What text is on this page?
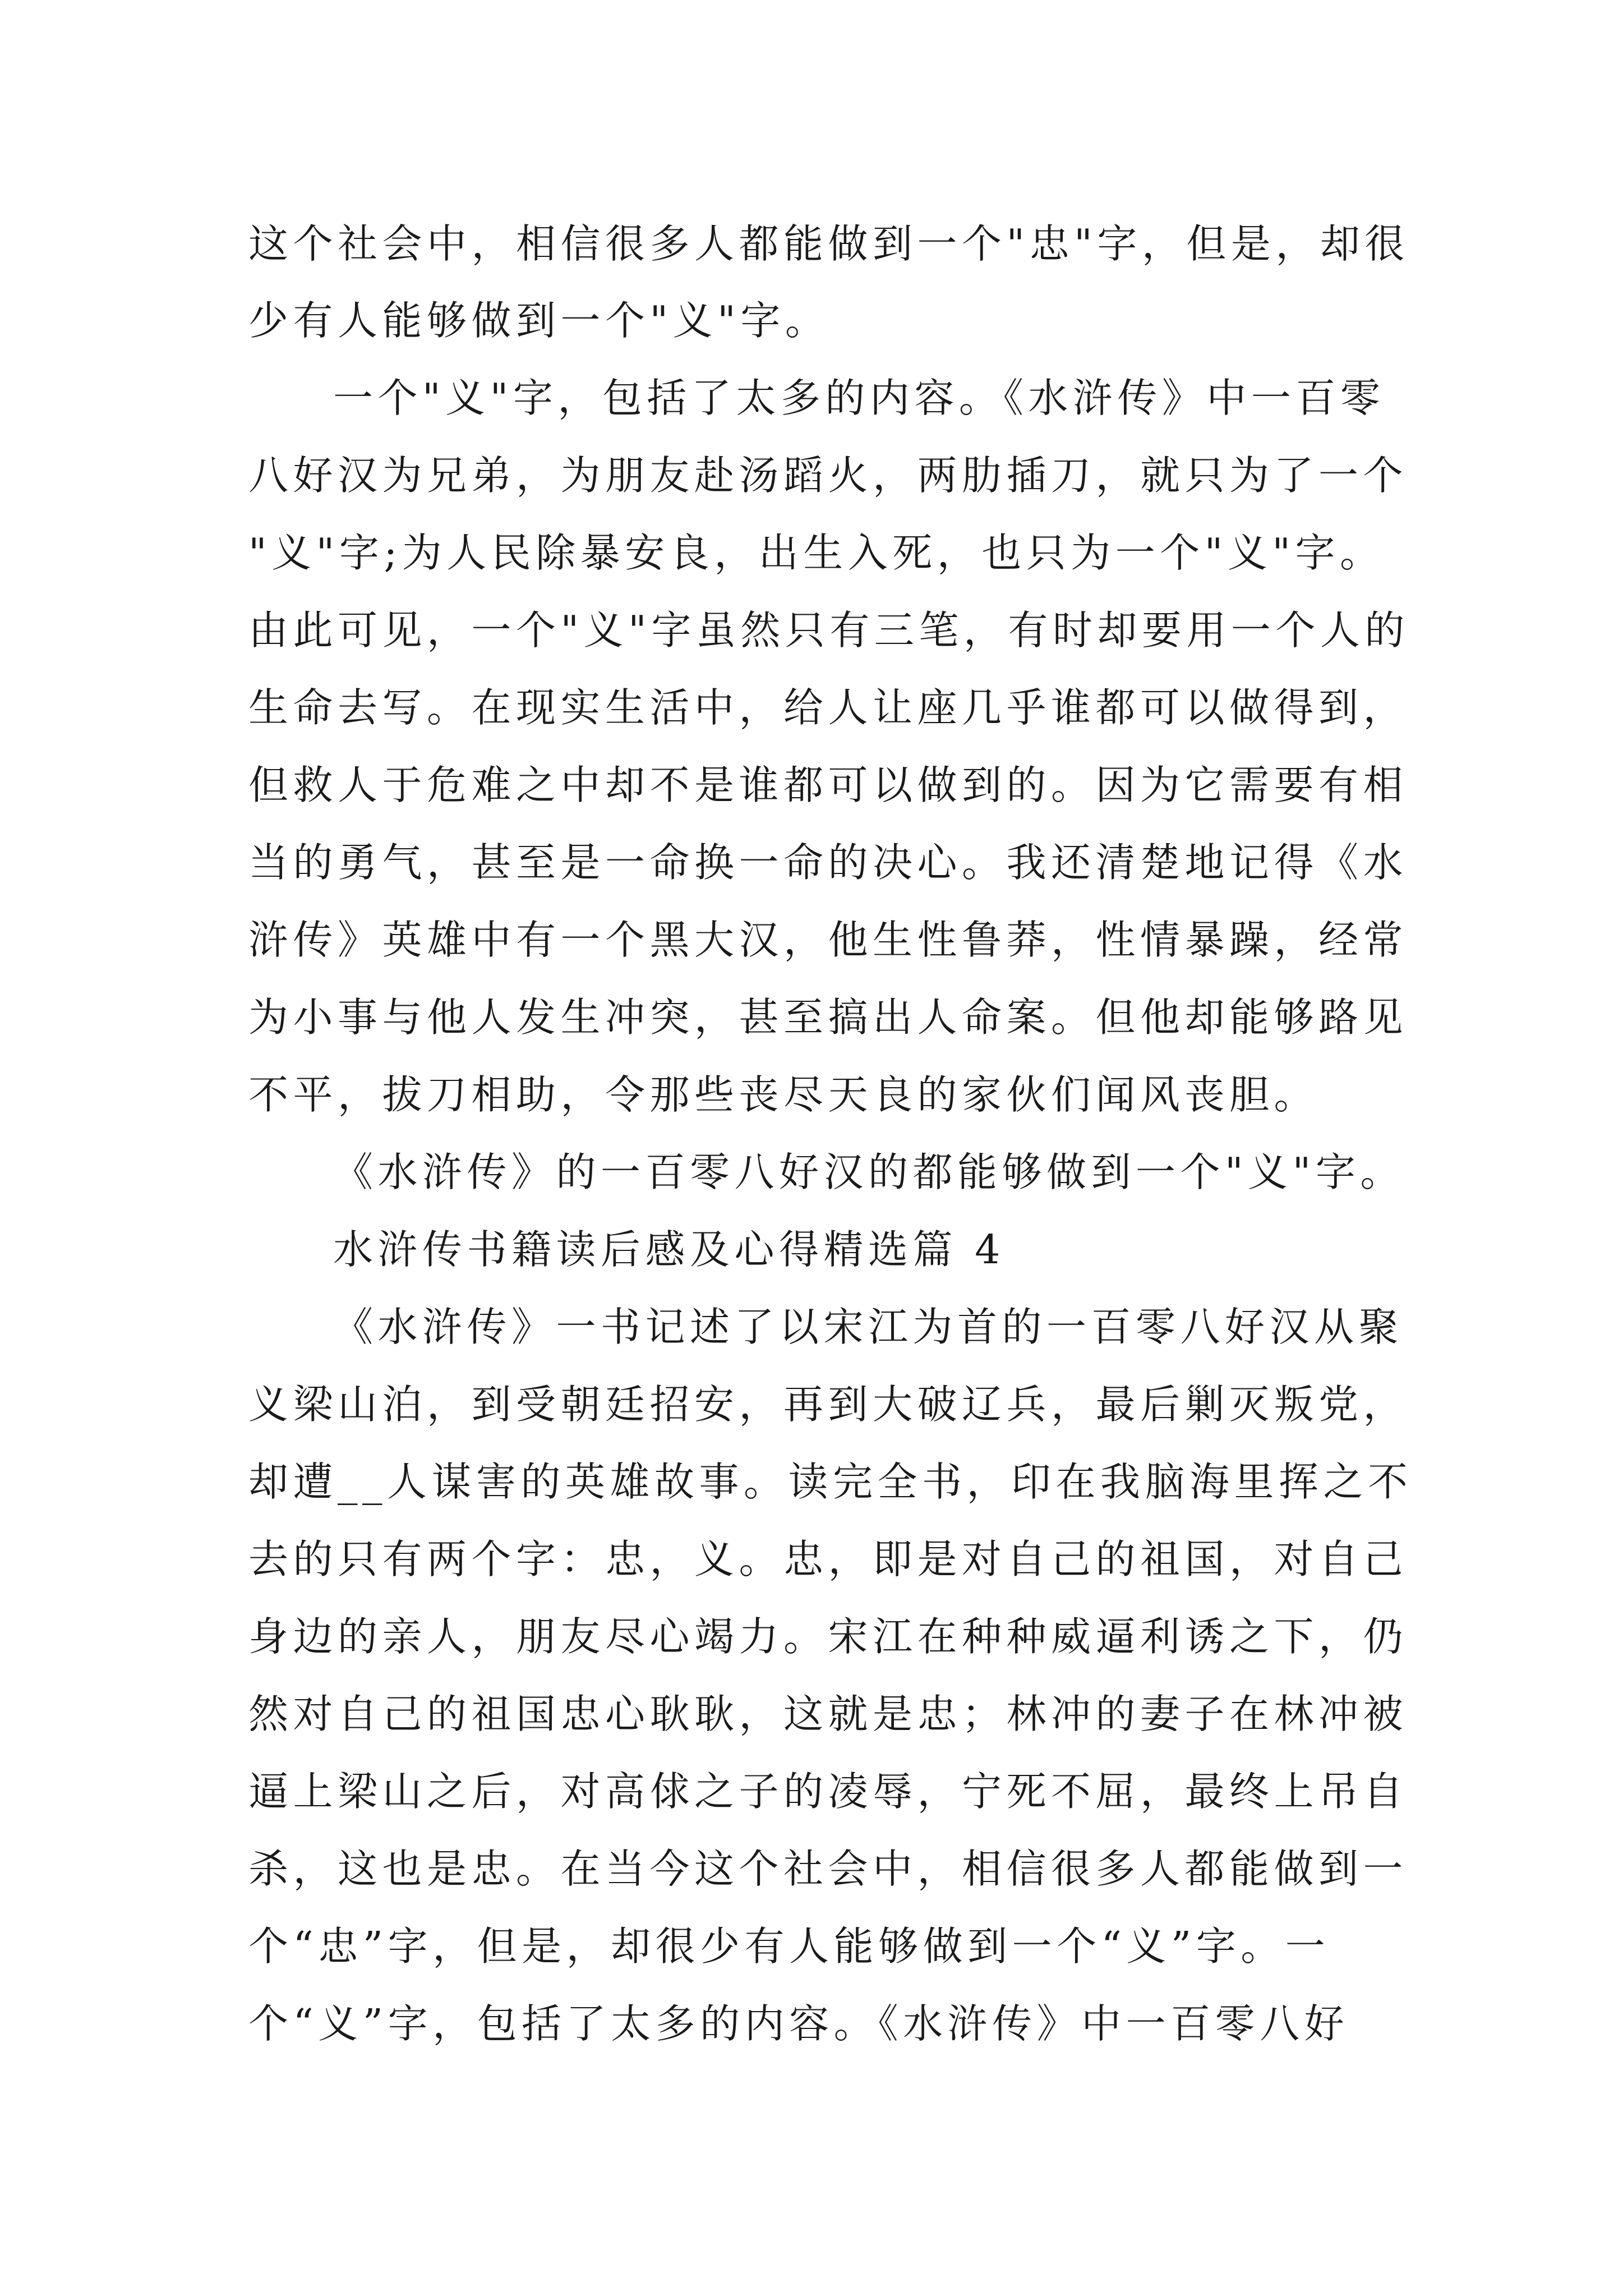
这个社会中，相信很多人都能做到一个"忠"字，但是，却很
少有人能够做到一个"义"字。
一个"义"字，包括了太多的内容。《水浒传》中一百零
八好汉为兄弟，为朋友赴汤蹈火，两肋插刀，就只为了一个
"义"字;为人民除暴安良，出生入死，也只为一个"义"字。
由此可见，一个"义"字虽然只有三笔，有时却要用一个人的
生命去写。在现实生活中，给人让座几乎谁都可以做得到，
但救人于危难之中却不是谁都可以做到的。因为它需要有相
当的勇气，甚至是一命换一命的决心。我还清楚地记得《水
浒传》英雄中有一个黑大汉，他生性鲁莽，性情暴躁，经常
为小事与他人发生冲突，甚至搞出人命案。但他却能够路见
不平，拔刀相助，令那些丧尽天良的家伙们闻风丧胆。
《水浒传》的一百零八好汉的都能够做到一个"义"字。
水浒传书籍读后感及心得精选篇 4
《水浒传》一书记述了以宋江为首的一百零八好汉从聚
义梁山泊，到受朝廷招安，再到大破辽兵，最后剿灭叛党，
却遭__人谋害的英雄故事。读完全书，印在我脑海里挥之不
去的只有两个字：忠，义。忠，即是对自己的祖国，对自己
身边的亲人，朋友尽心竭力。宋江在种种威逼利诱之下，仍
然对自己的祖国忠心耿耿，这就是忠；林冲的妻子在林冲被
逼上梁山之后，对高俅之子的凌辱，宁死不屈，最终上吊自
杀，这也是忠。在当今这个社会中，相信很多人都能做到一
个“忠”字，但是，却很少有人能够做到一个“义”字。一
个“义”字，包括了太多的内容。《水浒传》中一百零八好
